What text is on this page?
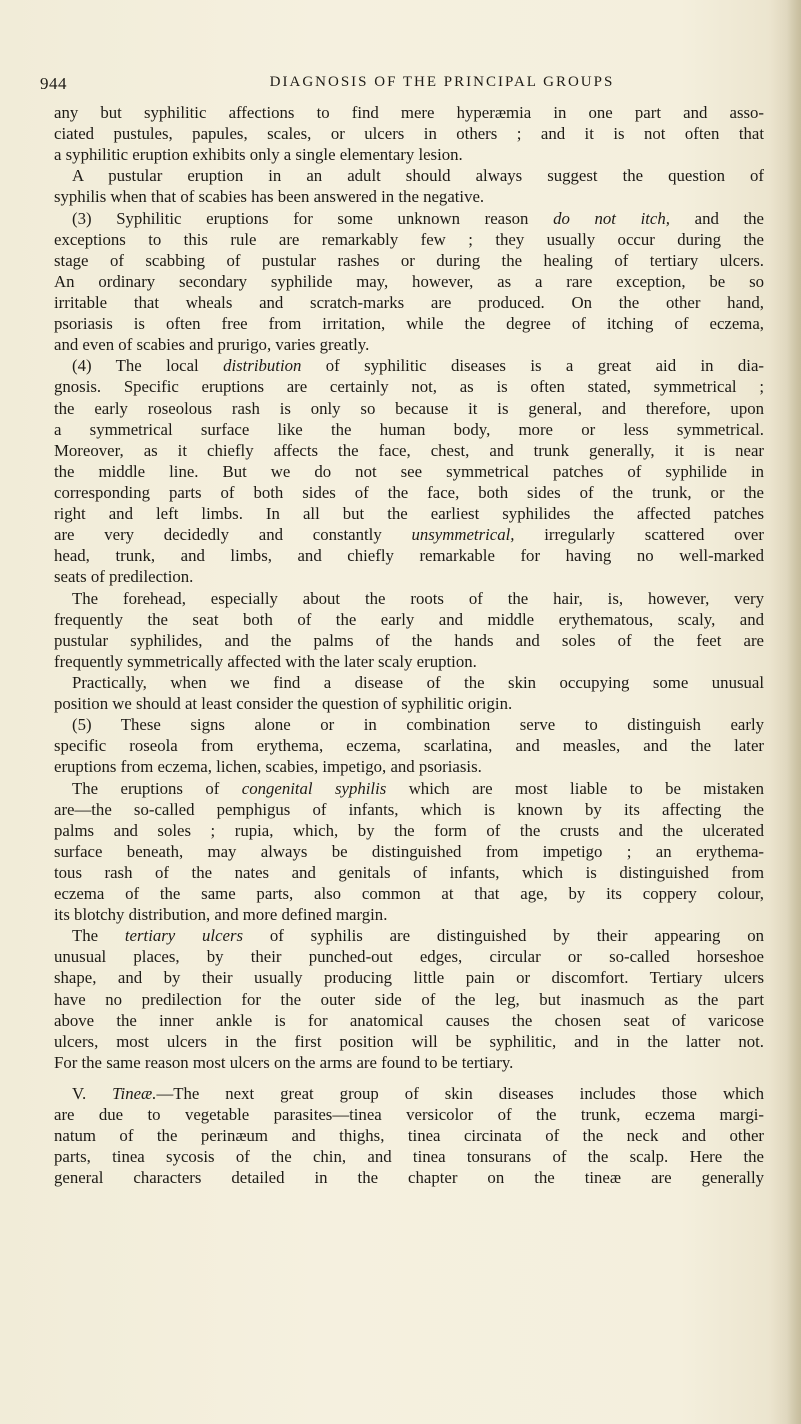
944	DIAGNOSIS OF THE PRINCIPAL GROUPS
any but syphilitic affections to find mere hyperæmia in one part and asso-
ciated pustules, papules, scales, or ulcers in others ; and it is not often that
a syphilitic eruption exhibits only a single elementary lesion.
A pustular eruption in an adult should always suggest the question of
syphilis when that of scabies has been answered in the negative.
(3) Syphilitic eruptions for some unknown reason do not itch, and the
exceptions to this rule are remarkably few ; they usually occur during the
stage of scabbing of pustular rashes or during the healing of tertiary ulcers.
An ordinary secondary syphilide may, however, as a rare exception, be so
irritable that wheals and scratch-marks are produced. On the other hand,
psoriasis is often free from irritation, while the degree of itching of eczema,
and even of scabies and prurigo, varies greatly.
(4) The local distribution of syphilitic diseases is a great aid in dia-
gnosis. Specific eruptions are certainly not, as is often stated, symmetrical ;
the early roseolous rash is only so because it is general, and therefore, upon
a symmetrical surface like the human body, more or less symmetrical.
Moreover, as it chiefly affects the face, chest, and trunk generally, it is near
the middle line. But we do not see symmetrical patches of syphilide in
corresponding parts of both sides of the face, both sides of the trunk, or the
right and left limbs. In all but the earliest syphilides the affected patches
are very decidedly and constantly unsymmetrical, irregularly scattered over
head, trunk, and limbs, and chiefly remarkable for having no well-marked
seats of predilection.
The forehead, especially about the roots of the hair, is, however, very
frequently the seat both of the early and middle erythematous, scaly, and
pustular syphilides, and the palms of the hands and soles of the feet are
frequently symmetrically affected with the later scaly eruption.
Practically, when we find a disease of the skin occupying some unusual
position we should at least consider the question of syphilitic origin.
(5) These signs alone or in combination serve to distinguish early
specific roseola from erythema, eczema, scarlatina, and measles, and the later
eruptions from eczema, lichen, scabies, impetigo, and psoriasis.
The eruptions of congenital syphilis which are most liable to be mistaken
are—the so-called pemphigus of infants, which is known by its affecting the
palms and soles ; rupia, which, by the form of the crusts and the ulcerated
surface beneath, may always be distinguished from impetigo ; an erythema-
tous rash of the nates and genitals of infants, which is distinguished from
eczema of the same parts, also common at that age, by its coppery colour,
its blotchy distribution, and more defined margin.
The tertiary ulcers of syphilis are distinguished by their appearing on
unusual places, by their punched-out edges, circular or so-called horseshoe
shape, and by their usually producing little pain or discomfort. Tertiary ulcers
have no predilection for the outer side of the leg, but inasmuch as the part
above the inner ankle is for anatomical causes the chosen seat of varicose
ulcers, most ulcers in the first position will be syphilitic, and in the latter not.
For the same reason most ulcers on the arms are found to be tertiary.
V. Tineæ.—The next great group of skin diseases includes those which
are due to vegetable parasites—tinea versicolor of the trunk, eczema margi-
natum of the perinæum and thighs, tinea circinata of the neck and other
parts, tinea sycosis of the chin, and tinea tonsurans of the scalp. Here the
general characters detailed in the chapter on the tineæ are generally
